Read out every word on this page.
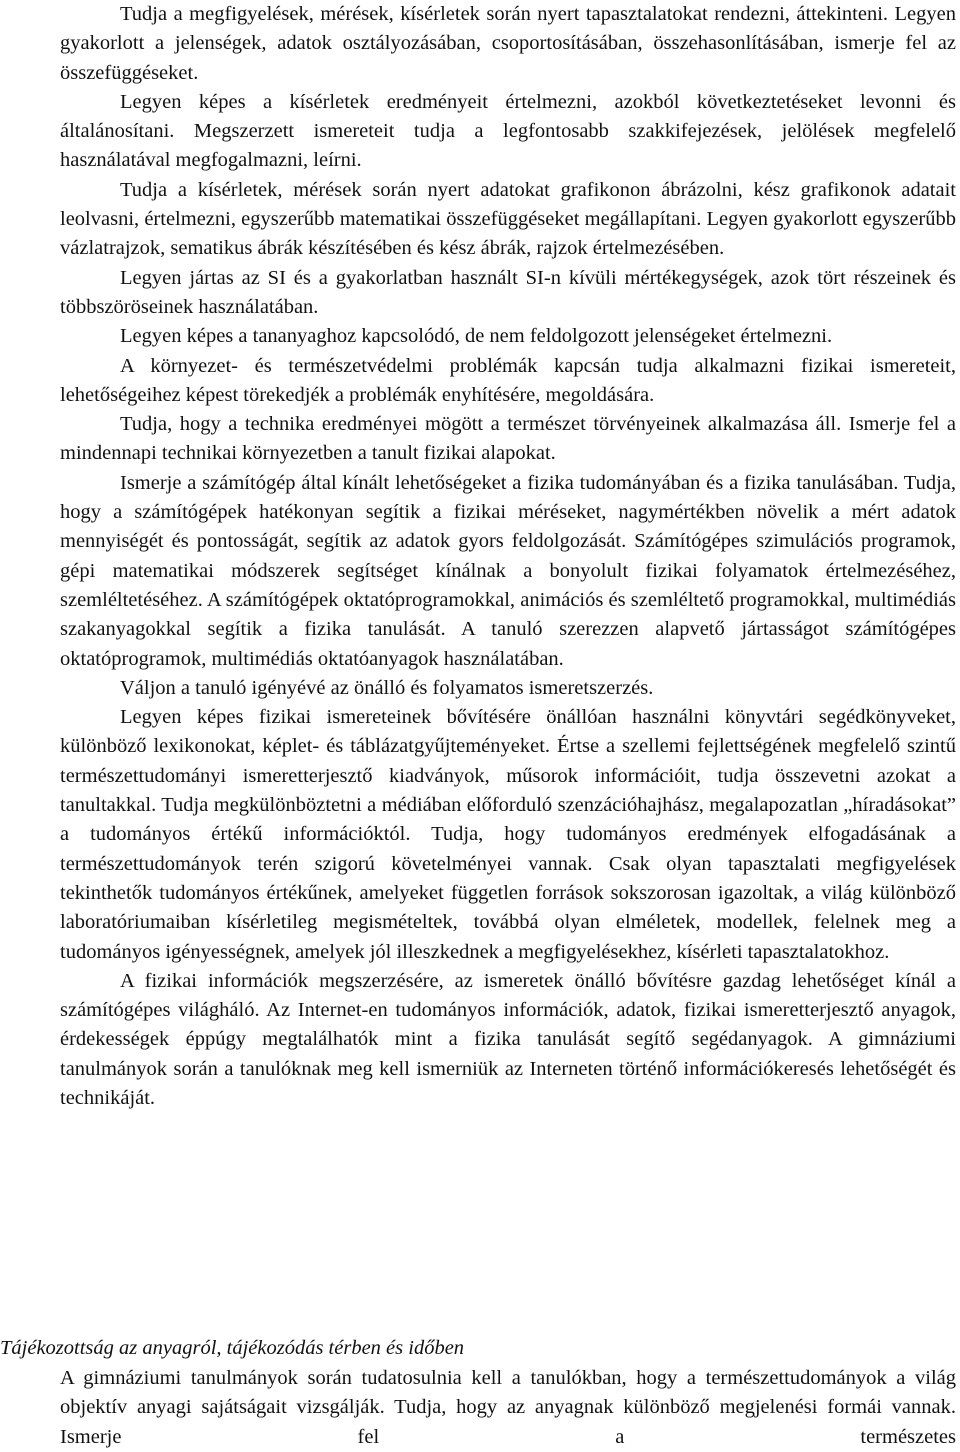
Tudja a megfigyelések, mérések, kísérletek során nyert tapasztalatokat rendezni, áttekinteni. Legyen gyakorlott a jelenségek, adatok osztályozásában, csoportosításában, összehasonlításában, ismerje fel az összefüggéseket.

Legyen képes a kísérletek eredményeit értelmezni, azokból következtetéseket levonni és általánosítani. Megszerzett ismereteit tudja a legfontosabb szakkifejezések, jelölések megfelelő használatával megfogalmazni, leírni.

Tudja a kísérletek, mérések során nyert adatokat grafikonon ábrázolni, kész grafikonok adatait leolvasni, értelmezni, egyszerűbb matematikai összefüggéseket megállapítani. Legyen gyakorlott egyszerűbb vázlatrajzok, sematikus ábrák készítésében és kész ábrák, rajzok értelmezésében.

Legyen jártas az SI és a gyakorlatban használt SI-n kívüli mértékegységek, azok tört részeinek és többszöröseinek használatában.

Legyen képes a tananyaghoz kapcsolódó, de nem feldolgozott jelenségeket értelmezni.

A környezet- és természetvédelmi problémák kapcsán tudja alkalmazni fizikai ismereteit, lehetőségeihez képest törekedjék a problémák enyhítésére, megoldására.

Tudja, hogy a technika eredményei mögött a természet törvényeinek alkalmazása áll. Ismerje fel a mindennapi technikai környezetben a tanult fizikai alapokat.

Ismerje a számítógép által kínált lehetőségeket a fizika tudományában és a fizika tanulásában. Tudja, hogy a számítógépek hatékonyan segítik a fizikai méréseket, nagymértékben növelik a mért adatok mennyiségét és pontosságát, segítik az adatok gyors feldolgozását. Számítógépes szimulációs programok, gépi matematikai módszerek segítséget kínálnak a bonyolult fizikai folyamatok értelmezéséhez, szemléltetéséhez. A számítógépek oktatóprogramokkal, animációs és szemléltető programokkal, multimédiás szakanyagokkal segítik a fizika tanulását. A tanuló szerezzen alapvető jártasságot számítógépes oktatóprogramok, multimédiás oktatóanyagok használatában.

Váljon a tanuló igényévé az önálló és folyamatos ismeretszerzés.

Legyen képes fizikai ismereteinek bővítésére önállóan használni könyvtári segédkönyveket, különböző lexikonokat, képlet- és táblázatgyűjteményeket. Értse a szellemi fejlettségének megfelelő szintű természettudományi ismeretterjesztő kiadványok, műsorok információit, tudja összevetni azokat a tanultakkal. Tudja megkülönböztetni a médiában előforduló szenzációhajhász, megalapozatlan „híradásokat” a tudományos értékű információktól. Tudja, hogy tudományos eredmények elfogadásának a természettudományok terén szigorú követelményei vannak. Csak olyan tapasztalati megfigyelések tekinthetők tudományos értékűnek, amelyeket független források sokszorosan igazoltak, a világ különböző laboratóriumaiban kísérletileg megismételtek, továbbá olyan elméletek, modellek, felelnek meg a tudományos igényességnek, amelyek jól illeszkednek a megfigyelésekhez, kísérleti tapasztalatokhoz.

A fizikai információk megszerzésére, az ismeretek önálló bővítésre gazdag lehetőséget kínál a számítógépes világháló. Az Internet-en tudományos információk, adatok, fizikai ismeretterjesztő anyagok, érdekességek éppúgy megtalálhatók mint a fizika tanulását segítő segédanyagok. A gimnáziumi tanulmányok során a tanulóknak meg kell ismerniük az Interneten történő információkeresés lehetőségét és technikáját.

Tájékozottság az anyagról, tájékozódás térben és időben

A gimnáziumi tanulmányok során tudatosulnia kell a tanulókban, hogy a természettudományok a világ objektív anyagi sajátságait vizsgálják. Tudja, hogy az anyagnak különböző megjelenési formái vannak. Ismerje fel a természetes
